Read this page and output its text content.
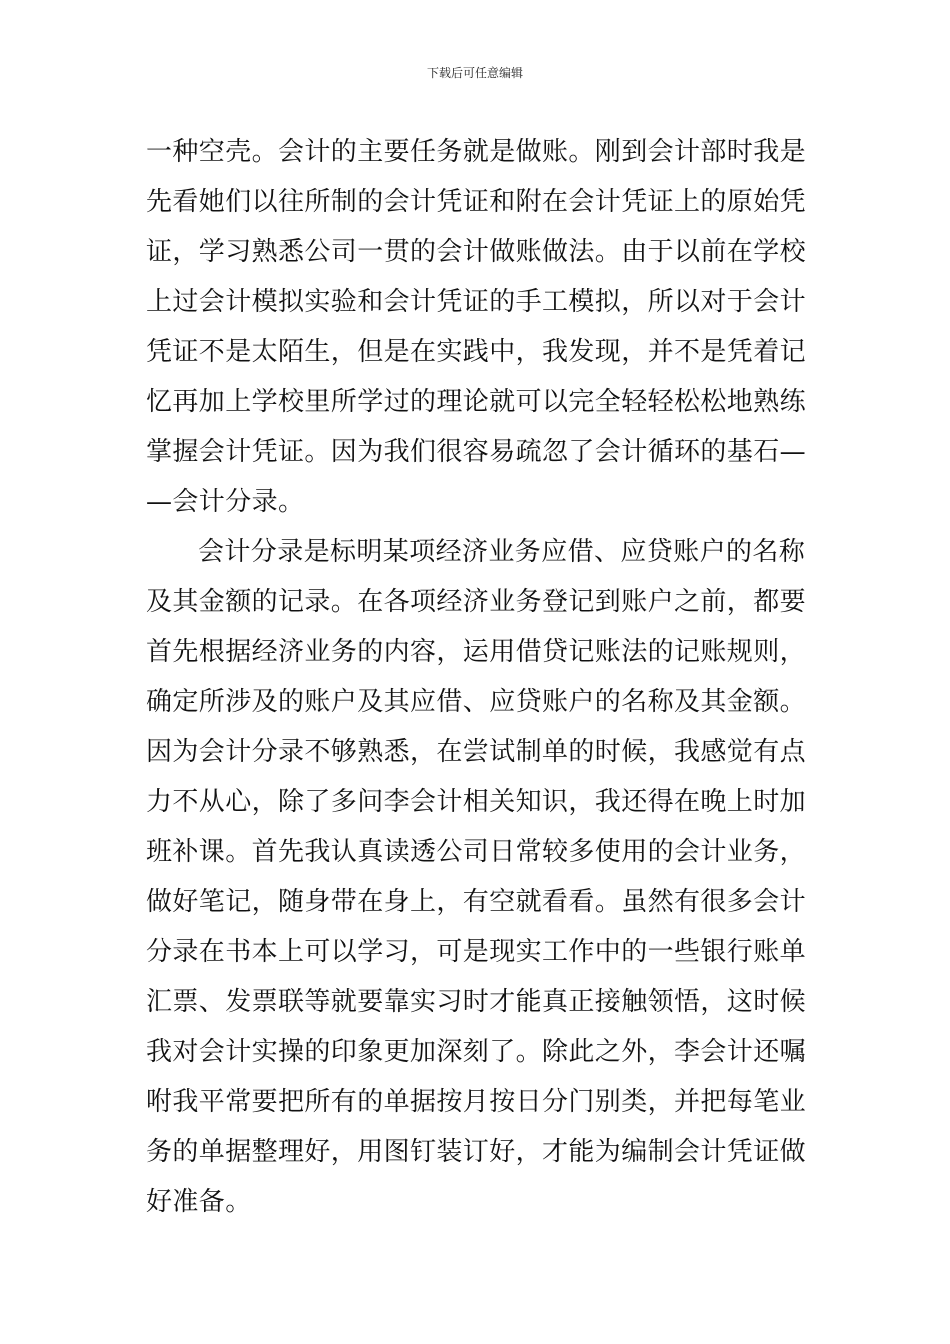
下载后可任意编辑
一种空壳。会计的主要任务就是做账。刚到会计部时我是
先看她们以往所制的会计凭证和附在会计凭证上的原始凭
证，学习熟悉公司一贯的会计做账做法。由于以前在学校
上过会计模拟实验和会计凭证的手工模拟，所以对于会计
凭证不是太陌生，但是在实践中，我发现，并不是凭着记
忆再加上学校里所学过的理论就可以完全轻轻松松地熟练
掌握会计凭证。因为我们很容易疏忽了会计循环的基石—
—会计分录。
会计分录是标明某项经济业务应借、应贷账户的名称
及其金额的记录。在各项经济业务登记到账户之前，都要
首先根据经济业务的内容，运用借贷记账法的记账规则，
确定所涉及的账户及其应借、应贷账户的名称及其金额。
因为会计分录不够熟悉，在尝试制单的时候，我感觉有点
力不从心，除了多问李会计相关知识，我还得在晚上时加
班补课。首先我认真读透公司日常较多使用的会计业务，
做好笔记，随身带在身上，有空就看看。虽然有很多会计
分录在书本上可以学习，可是现实工作中的一些银行账单
汇票、发票联等就要靠实习时才能真正接触领悟，这时候
我对会计实操的印象更加深刻了。除此之外，李会计还嘱
咐我平常要把所有的单据按月按日分门别类，并把每笔业
务的单据整理好，用图钉装订好，才能为编制会计凭证做
好准备。
